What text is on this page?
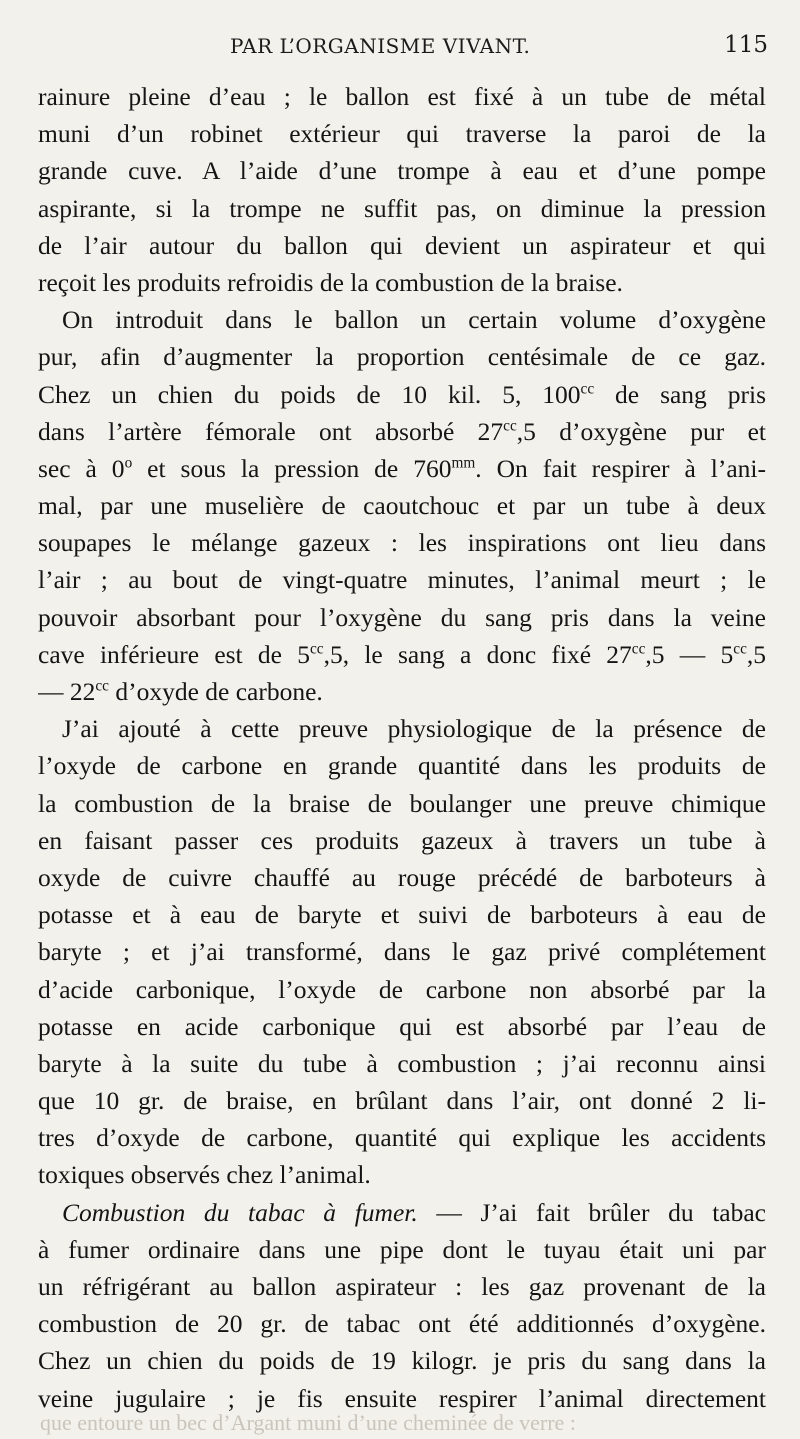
PAR L’ORGANISME VIVANT.	115
rainure pleine d’eau ; le ballon est fixé à un tube de métal
muni d’un robinet extérieur qui traverse la paroi de la
grande cuve. A l’aide d’une trompe à eau et d’une pompe
aspirante, si la trompe ne suffit pas, on diminue la pression
de l’air autour du ballon qui devient un aspirateur et qui
reçoit les produits refroidis de la combustion de la braise.
On introduit dans le ballon un certain volume d’oxygène
pur, afin d’augmenter la proportion centésimale de ce gaz.
Chez un chien du poids de 10 kil. 5, $100^{cc}$ de sang pris
dans l’artère fémorale ont absorbé $27^{cc},5$ d’oxygène pur et
sec à 0$^o$ et sous la pression de $760^{mm}$. On fait respirer à l’ani-
mal, par une muselière de caoutchouc et par un tube à deux
soupapes le mélange gazeux : les inspirations ont lieu dans
l’air ; au bout de vingt-quatre minutes, l’animal meurt ; le
pouvoir absorbant pour l’oxygène du sang pris dans la veine
cave inférieure est de $5^{cc},5$, le sang a donc fixé $27^{cc},5$ — $5^{cc},5$
— $22^{cc}$ d’oxyde de carbone.
J’ai ajouté à cette preuve physiologique de la présence de
l’oxyde de carbone en grande quantité dans les produits de
la combustion de la braise de boulanger une preuve chimique
en faisant passer ces produits gazeux à travers un tube à
oxyde de cuivre chauffé au rouge précédé de barboteurs à
potasse et à eau de baryte et suivi de barboteurs à eau de
baryte ; et j’ai transformé, dans le gaz privé complétement
d’acide carbonique, l’oxyde de carbone non absorbé par la
potasse en acide carbonique qui est absorbé par l’eau de
baryte à la suite du tube à combustion ; j’ai reconnu ainsi
que 10 gr. de braise, en brûlant dans l’air, ont donné 2 li-
tres d’oxyde de carbone, quantité qui explique les accidents
toxiques observés chez l’animal.
Combustion du tabac à fumer. — J’ai fait brûler du tabac
à fumer ordinaire dans une pipe dont le tuyau était uni par
un réfrigérant au ballon aspirateur : les gaz provenant de la
combustion de 20 gr. de tabac ont été additionnés d’oxygène.
Chez un chien du poids de 19 kilogr. je pris du sang dans la
veine jugulaire ; je fis ensuite respirer l’animal directement
que entoure un bec d’Argant muni d’une cheminée de verre :
